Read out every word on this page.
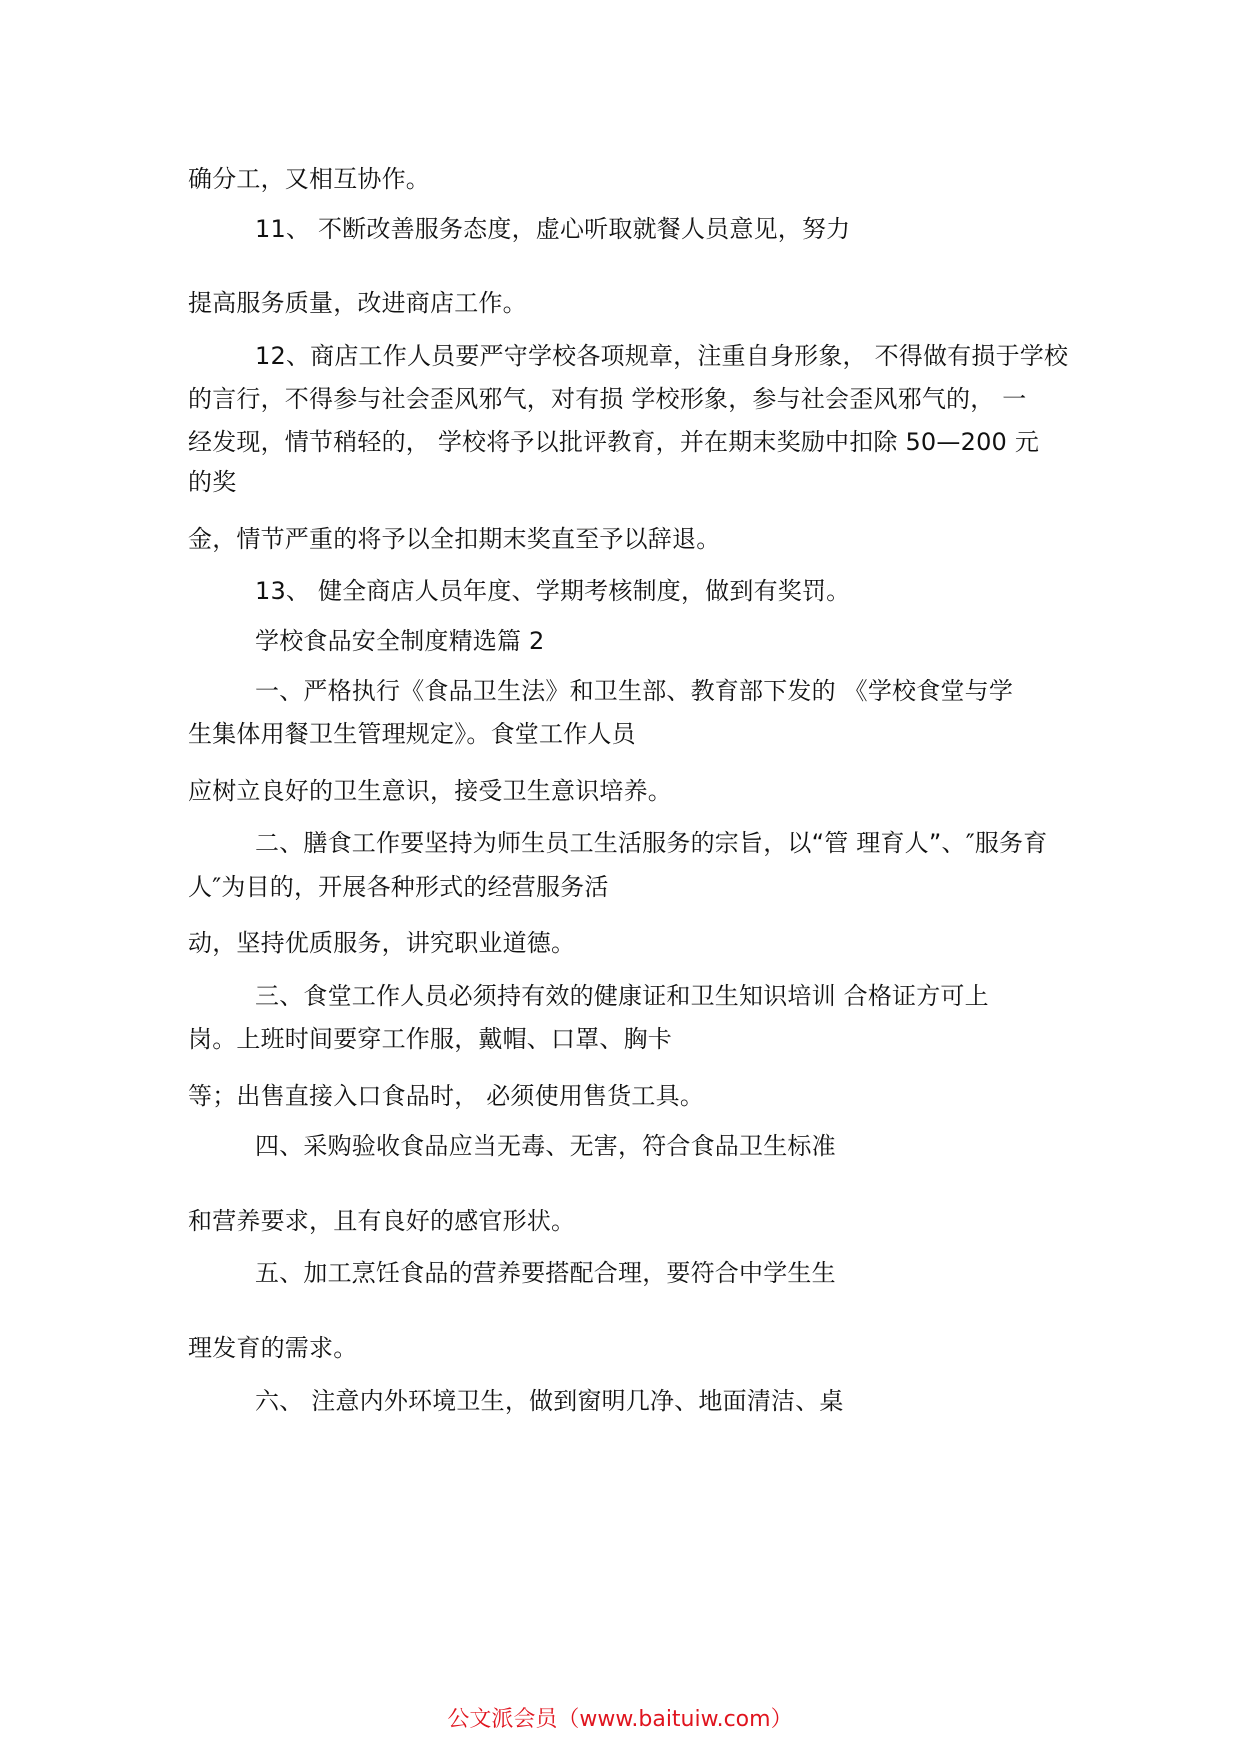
确分工，又相互协作。
11、 不断改善服务态度，虚心听取就餐人员意见，努力
提高服务质量，改进商店工作。
12、商店工作人员要严守学校各项规章，注重自身形象， 不得做有损于学校
的言行，不得参与社会歪风邪气，对有损 学校形象，参与社会歪风邪气的， 一
经发现，情节稍轻的， 学校将予以批评教育，并在期末奖励中扣除 50—200 元
的奖
金，情节严重的将予以全扣期末奖直至予以辞退。
13、 健全商店人员年度、学期考核制度，做到有奖罚。
学校食品安全制度精选篇 2
一、严格执行《食品卫生法》和卫生部、教育部下发的 《学校食堂与学
生集体用餐卫生管理规定》。食堂工作人员
应树立良好的卫生意识，接受卫生意识培养。
二、膳食工作要坚持为师生员工生活服务的宗旨，以“管 理育人”、″服务育
人″为目的，开展各种形式的经营服务活
动，坚持优质服务，讲究职业道德。
三、食堂工作人员必须持有效的健康证和卫生知识培训 合格证方可上
岗。上班时间要穿工作服，戴帽、口罩、胸卡
等；出售直接入口食品时， 必须使用售货工具。
四、采购验收食品应当无毒、无害，符合食品卫生标准
和营养要求，且有良好的感官形状。
五、加工烹饪食品的营养要搭配合理，要符合中学生生
理发育的需求。
六、 注意内外环境卫生，做到窗明几净、地面清洁、桌
公文派会员（www.baituiw.com）
